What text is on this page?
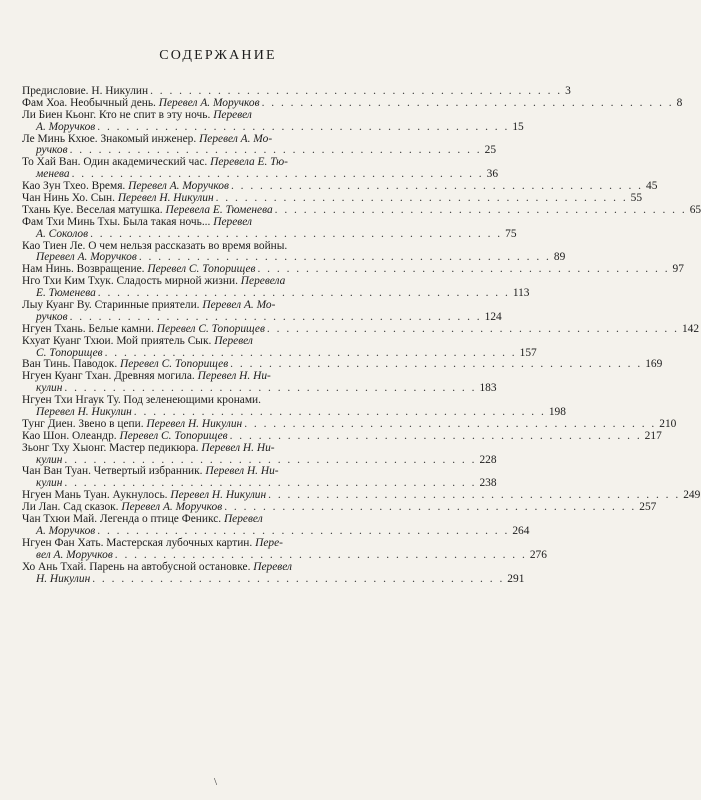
СОДЕРЖАНИЕ
Предисловие. Н. Никулин . . . . . . . . . . . . . . . . . . . . . . . . . . . . . . . . . . . . . . . . . . . 3
Фам Хоа. Необычный день. Перевел А. Моручков . . . . . . . . . . . . . . . . . . . . . . . . . . . . . . . . . . . . . . . . . . . 8
Ли Биен Кьонг. Кто не спит в эту ночь. Перевел
А. Моручков . . . . . . . . . . . . . . . . . . . . . . . . . . . . . . . . . . . . . . . . . . . 15
Ле Минь Кхюе. Знакомый инженер. Перевел А. Мо-
ручков . . . . . . . . . . . . . . . . . . . . . . . . . . . . . . . . . . . . . . . . . . . 25
То Хай Ван. Один академический час. Перевела Е. Тю-
менева . . . . . . . . . . . . . . . . . . . . . . . . . . . . . . . . . . . . . . . . . . . 36
Као Зун Тхео. Время. Перевел А. Моручков . . . . . . . . . . . . . . . . . . . . . . . . . . . . . . . . . . . . . . . . . . . 45
Чан Нинь Хо. Сын. Перевел Н. Никулин . . . . . . . . . . . . . . . . . . . . . . . . . . . . . . . . . . . . . . . . . . . 55
Тхань Куе. Веселая матушка. Перевела Е. Тюменева . . . . . . . . . . . . . . . . . . . . . . . . . . . . . . . . . . . . . . . . . . . 65
Фам Тхи Минь Тхы. Была такая ночь... Перевел
А. Соколов . . . . . . . . . . . . . . . . . . . . . . . . . . . . . . . . . . . . . . . . . . . 75
Као Тиен Ле. О чем нельзя рассказать во время войны.
Перевел А. Моручков . . . . . . . . . . . . . . . . . . . . . . . . . . . . . . . . . . . . . . . . . . . 89
Нам Нинь. Возвращение. Перевел С. Топорищев . . . . . . . . . . . . . . . . . . . . . . . . . . . . . . . . . . . . . . . . . . . 97
Нго Тхи Ким Тхук. Сладость мирной жизни. Перевела
Е. Тюменева . . . . . . . . . . . . . . . . . . . . . . . . . . . . . . . . . . . . . . . . . . . 113
Лыу Куанг Ву. Старинные приятели. Перевел А. Мо-
ручков . . . . . . . . . . . . . . . . . . . . . . . . . . . . . . . . . . . . . . . . . . . 124
Нгуен Тхань. Белые камни. Перевел С. Топорищев . . . . . . . . . . . . . . . . . . . . . . . . . . . . . . . . . . . . . . . . . . . 142
Кхуат Куанг Тхюи. Мой приятель Сык. Перевел
С. Топорищев . . . . . . . . . . . . . . . . . . . . . . . . . . . . . . . . . . . . . . . . . . . 157
Ван Тинь. Паводок. Перевел С. Топорищев . . . . . . . . . . . . . . . . . . . . . . . . . . . . . . . . . . . . . . . . . . . 169
Нгуен Куанг Тхан. Древняя могила. Перевел Н. Ни-
кулин . . . . . . . . . . . . . . . . . . . . . . . . . . . . . . . . . . . . . . . . . . . 183
Нгуен Тхи Нгаук Ту. Под зеленеющими кронами.
Перевел Н. Никулин . . . . . . . . . . . . . . . . . . . . . . . . . . . . . . . . . . . . . . . . . . . 198
Тунг Диен. Звено в цепи. Перевел Н. Никулин . . . . . . . . . . . . . . . . . . . . . . . . . . . . . . . . . . . . . . . . . . . 210
Као Шон. Олеандр. Перевел С. Топорищев . . . . . . . . . . . . . . . . . . . . . . . . . . . . . . . . . . . . . . . . . . . 217
Зьонг Тху Хыонг. Мастер педикюра. Перевел Н. Ни-
кулин . . . . . . . . . . . . . . . . . . . . . . . . . . . . . . . . . . . . . . . . . . . 228
Чан Ван Туан. Четвертый избранник. Перевел Н. Ни-
кулин . . . . . . . . . . . . . . . . . . . . . . . . . . . . . . . . . . . . . . . . . . . 238
Нгуен Мань Туан. Аукнулось. Перевел Н. Никулин . . . . . . . . . . . . . . . . . . . . . . . . . . . . . . . . . . . . . . . . . . . 249
Ли Лан. Сад сказок. Перевел А. Моручков . . . . . . . . . . . . . . . . . . . . . . . . . . . . . . . . . . . . . . . . . . . 257
Чан Тхюи Май. Легенда о птице Феникс. Перевел
А. Моручков . . . . . . . . . . . . . . . . . . . . . . . . . . . . . . . . . . . . . . . . . . . 264
Нгуен Фан Хать. Мастерская лубочных картин. Пере-
вел А. Моручков . . . . . . . . . . . . . . . . . . . . . . . . . . . . . . . . . . . . . . . . . . . 276
Хо Ань Тхай. Парень на автобусной остановке. Перевел
Н. Никулин . . . . . . . . . . . . . . . . . . . . . . . . . . . . . . . . . . . . . . . . . . . 291
\
